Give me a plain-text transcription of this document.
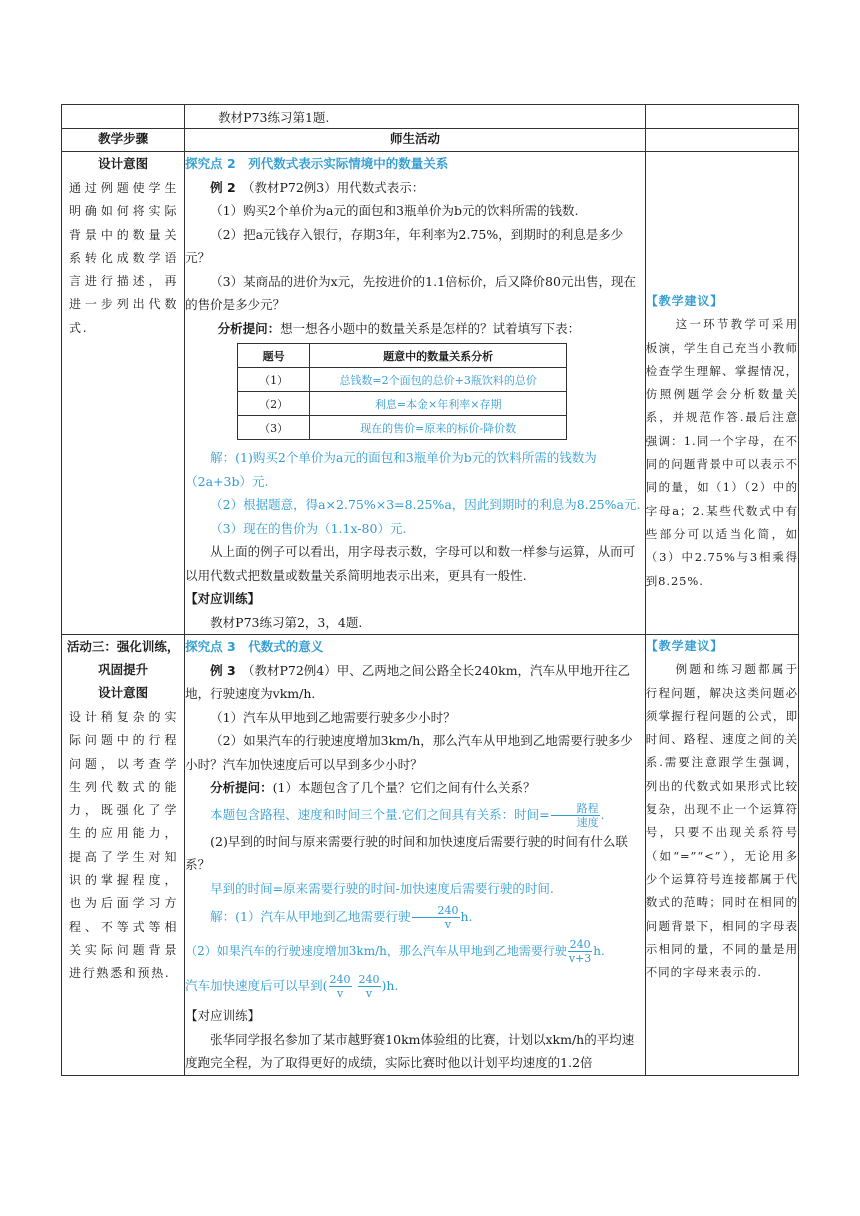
	教材P73练习第1题.	
教学步骤	师生活动	

设计意图
通过例题使学生明确如何将实际背景中的数量关系转化成数学语言进行描述，再进一步列出代数式.

探究点 2　列代数式表示实际情境中的数量关系

例 2　 （教材P72例3）用代数式表示：

（1）购买2个单价为a元的面包和3瓶单价为b元的饮料所需的钱数.

（2）把a元钱存入银行，存期3年，年利率为2.75%，到期时的利息是多少元？

（3）某商品的进价为x元，先按进价的1.1倍标价，后又降价80元出售，现在的售价是多少元？

分析提问：想一想各小题中的数量关系是怎样的？试着填写下表：

题号	题意中的数量关系分析
（1）	总钱数=2个面包的总价+3瓶饮料的总价
（2）	利息=本金×年利率×存期
（3）	现在的售价=原来的标价-降价数

解：(1)购买2个单价为a元的面包和3瓶单价为b元的饮料所需的钱数为（2a+3b）元.

（2）根据题意，得a×2.75%×3=8.25%a，因此到期时的利息为8.25%a元.

（3）现在的售价为（1.1x-80）元.

从上面的例子可以看出，用字母表示数，字母可以和数一样参与运算，从而可以用代数式把数量或数量关系简明地表示出来，更具有一般性.

【对应训练】

教材P73练习第2，3，4题.

【教学建议】
这一环节教学可采用板演，学生自己充当小教师检查学生理解、掌握情况，仿照例题学会分析数量关系，并规范作答.最后注意强调：1.同一个字母，在不同的问题背景中可以表示不同的量，如（1）（2）中的字母a；2.某些代数式中有些部分可以适当化简，如（3）中2.75%与3相乘得到8.25%.

活动三：强化训练，巩固提升
设计意图
设计稍复杂的实际问题中的行程问题，以考查学生列代数式的能力，既强化了学生的应用能力，提高了学生对知识的掌握程度，也为后面学习方程、不等式等相关实际问题背景进行熟悉和预热.

探究点 3　代数式的意义

例 3　 （教材P72例4）甲、乙两地之间公路全长240km，汽车从甲地开往乙地，行驶速度为vkm/h.

（1）汽车从甲地到乙地需要行驶多少小时？

（2）如果汽车的行驶速度增加3km/h，那么汽车从甲地到乙地需要行驶多少小时？汽车加快速度后可以早到多少小时？

分析提问：(1）本题包含了几个量？它们之间有什么关系？

本题包含路程、速度和时间三个量.它们之间具有关系：时间= $\frac{\text{路程}}{\text{速度}}$ .

(2)早到的时间与原来需要行驶的时间和加快速度后需要行驶的时间有什么联系？

早到的时间=原来需要行驶的时间-加快速度后需要行驶的时间.

解：(1）汽车从甲地到乙地需要行驶 $\frac{240}{v} h$.

（2）如果汽车的行驶速度增加3km/h，那么汽车从甲地到乙地需要行驶 $\frac{240}{v+3} h$.

汽车加快速度后可以早到( $\frac{240}{v}$
$\frac{240}{v} )h$.

【对应训练】

张华同学报名参加了某市越野赛10km体验组的比赛，计划以xkm/h的平均速度跑完全程，为了取得更好的成绩，实际比赛时他以计划平均速度的1.2倍

【教学建议】
例题和练习题都属于行程问题，解决这类问题必须掌握行程问题的公式，即时间、路程、速度之间的关系.需要注意跟学生强调，列出的代数式如果形式比较复杂，出现不止一个运算符号，只要不出现关系符号（如“=”“<”），无论用多少个运算符号连接都属于代数式的范畴；同时在相同的问题背景下，相同的字母表示相同的量，不同的量是用不同的字母来表示的.
